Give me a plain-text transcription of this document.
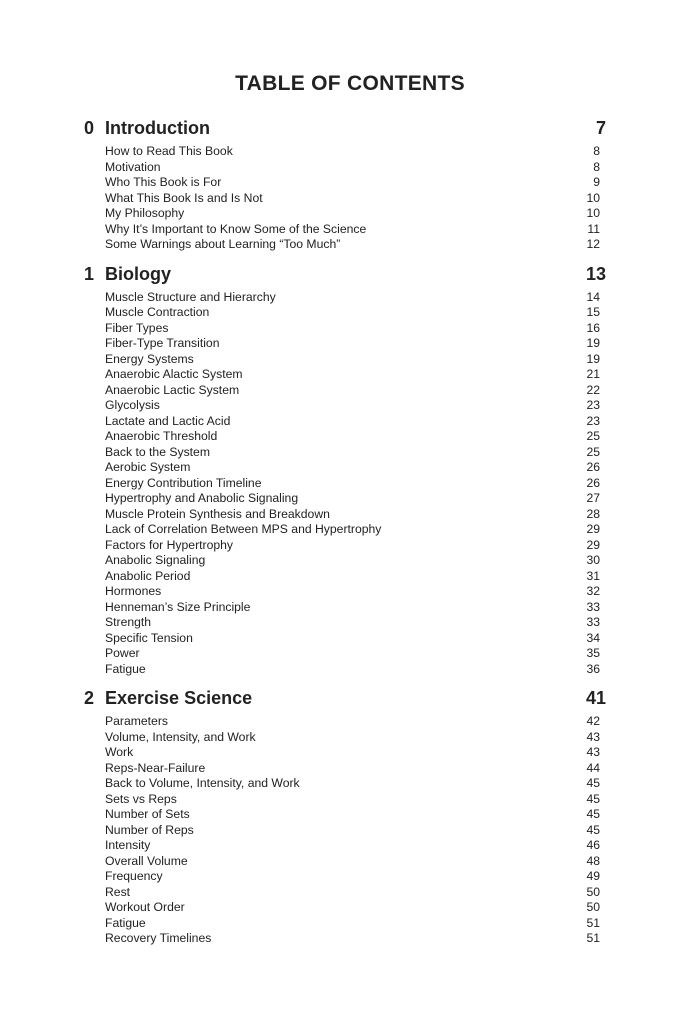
TABLE OF CONTENTS
0 Introduction	7
How to Read This Book	8
Motivation	8
Who This Book is For	9
What This Book Is and Is Not	10
My Philosophy	10
Why It’s Important to Know Some of the Science	11
Some Warnings about Learning “Too Much”	12
1 Biology	13
Muscle Structure and Hierarchy	14
Muscle Contraction	15
Fiber Types	16
Fiber-Type Transition	19
Energy Systems	19
Anaerobic Alactic System	21
Anaerobic Lactic System	22
Glycolysis	23
Lactate and Lactic Acid	23
Anaerobic Threshold	25
Back to the System	25
Aerobic System	26
Energy Contribution Timeline	26
Hypertrophy and Anabolic Signaling	27
Muscle Protein Synthesis and Breakdown	28
Lack of Correlation Between MPS and Hypertrophy	29
Factors for Hypertrophy	29
Anabolic Signaling	30
Anabolic Period	31
Hormones	32
Henneman’s Size Principle	33
Strength	33
Specific Tension	34
Power	35
Fatigue	36
2 Exercise Science	41
Parameters	42
Volume, Intensity, and Work	43
Work	43
Reps-Near-Failure	44
Back to Volume, Intensity, and Work	45
Sets vs Reps	45
Number of Sets	45
Number of Reps	45
Intensity	46
Overall Volume	48
Frequency	49
Rest	50
Workout Order	50
Fatigue	51
Recovery Timelines	51
